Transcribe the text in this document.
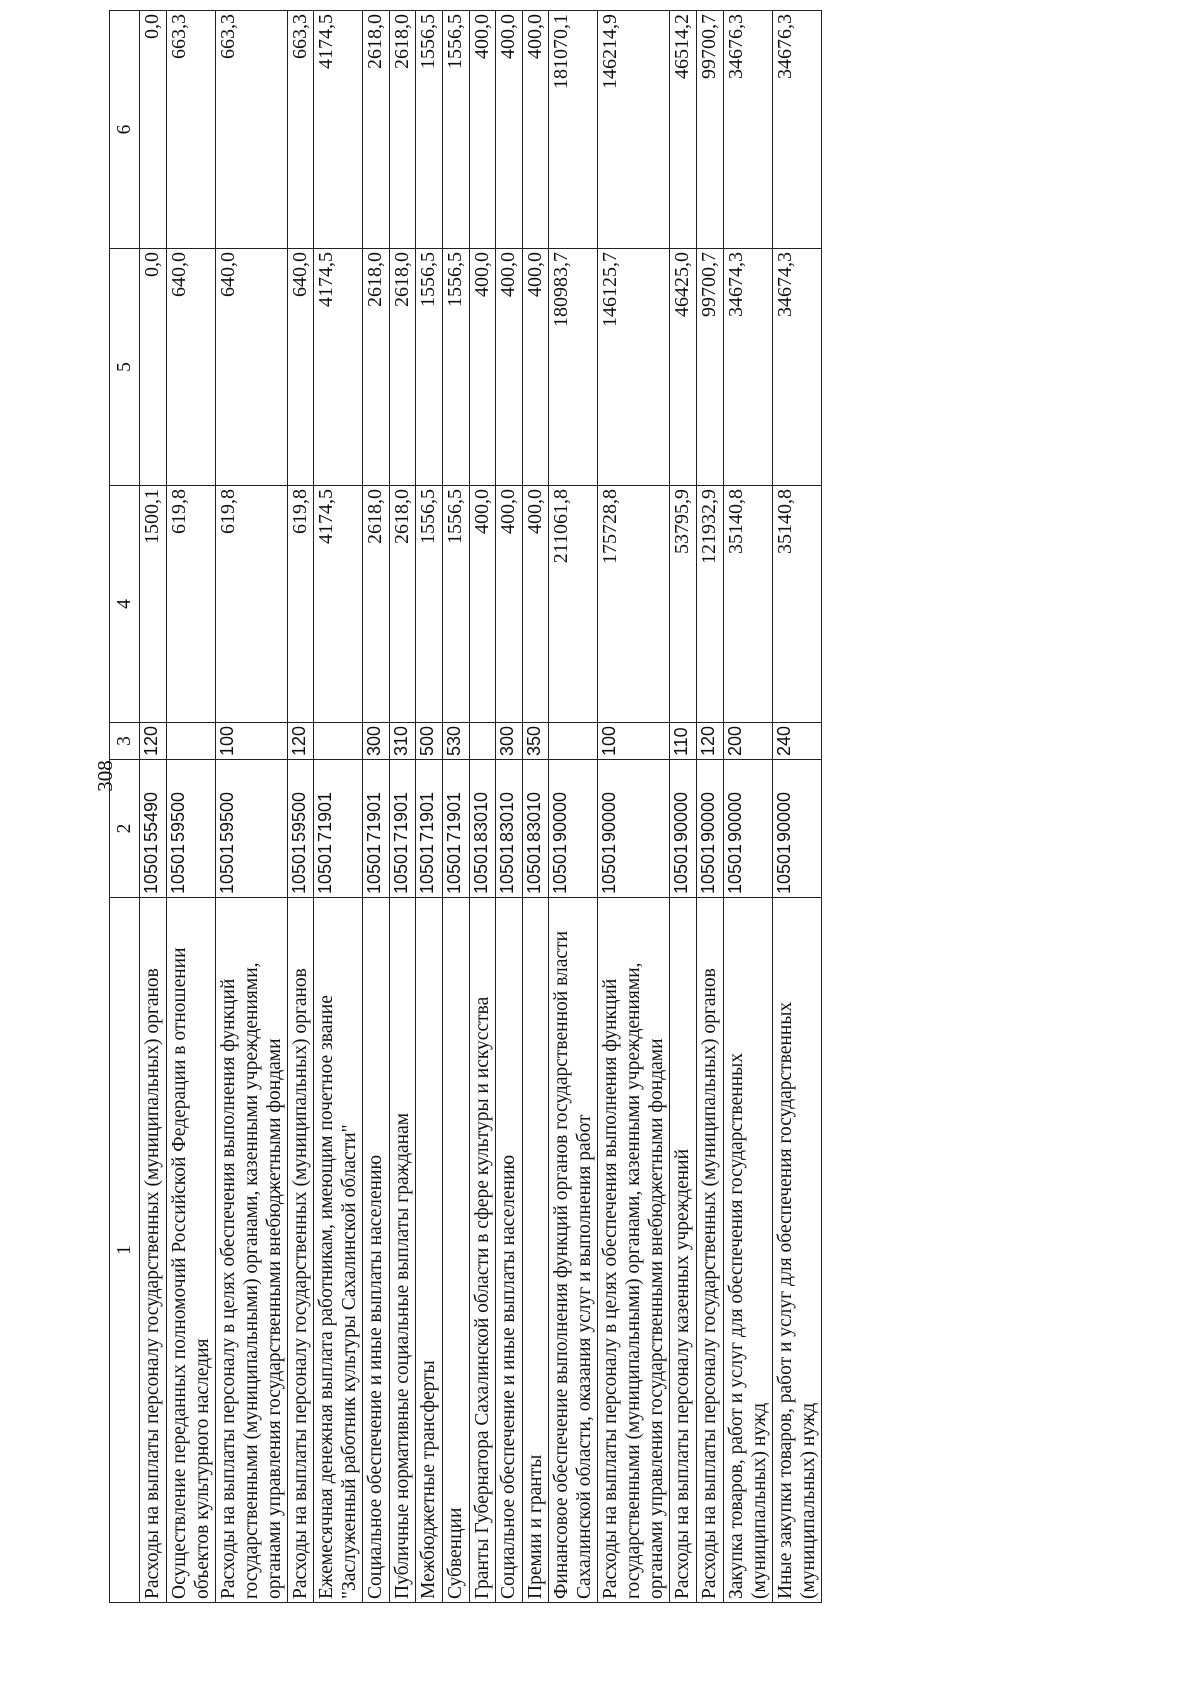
308
1	2	3	4	5	6
Расходы на выплаты персоналу государственных (муниципальных) органов	1050155490	120	1500,1	0,0	0,0
Осуществление переданных полномочий Российской Федерации в отношении объектов культурного наследия	1050159500		619,8	640,0	663,3
Расходы на выплаты персоналу в целях обеспечения выполнения функций государственными (муниципальными) органами, казенными учреждениями, органами управления государственными внебюджетными фондами	1050159500	100	619,8	640,0	663,3
Расходы на выплаты персоналу государственных (муниципальных) органов	1050159500	120	619,8	640,0	663,3
Ежемесячная денежная выплата работникам, имеющим почетное звание "Заслуженный работник культуры Сахалинской области"	1050171901		4174,5	4174,5	4174,5
Социальное обеспечение и иные выплаты населению	1050171901	300	2618,0	2618,0	2618,0
Публичные нормативные социальные выплаты гражданам	1050171901	310	2618,0	2618,0	2618,0
Межбюджетные трансферты	1050171901	500	1556,5	1556,5	1556,5
Субвенции	1050171901	530	1556,5	1556,5	1556,5
Гранты Губернатора Сахалинской области в сфере культуры и искусства	1050183010		400,0	400,0	400,0
Социальное обеспечение и иные выплаты населению	1050183010	300	400,0	400,0	400,0
Премии и гранты	1050183010	350	400,0	400,0	400,0
Финансовое обеспечение выполнения функций органов государственной власти Сахалинской области, оказания услуг и выполнения работ	1050190000		211061,8	180983,7	181070,1
Расходы на выплаты персоналу в целях обеспечения выполнения функций государственными (муниципальными) органами, казенными учреждениями, органами управления государственными внебюджетными фондами	1050190000	100	175728,8	146125,7	146214,9
Расходы на выплаты персоналу казенных учреждений	1050190000	110	53795,9	46425,0	46514,2
Расходы на выплаты персоналу государственных (муниципальных) органов	1050190000	120	121932,9	99700,7	99700,7
Закупка товаров, работ и услуг для обеспечения государственных (муниципальных) нужд	1050190000	200	35140,8	34674,3	34676,3
Иные закупки товаров, работ и услуг для обеспечения государственных (муниципальных) нужд	1050190000	240	35140,8	34674,3	34676,3
